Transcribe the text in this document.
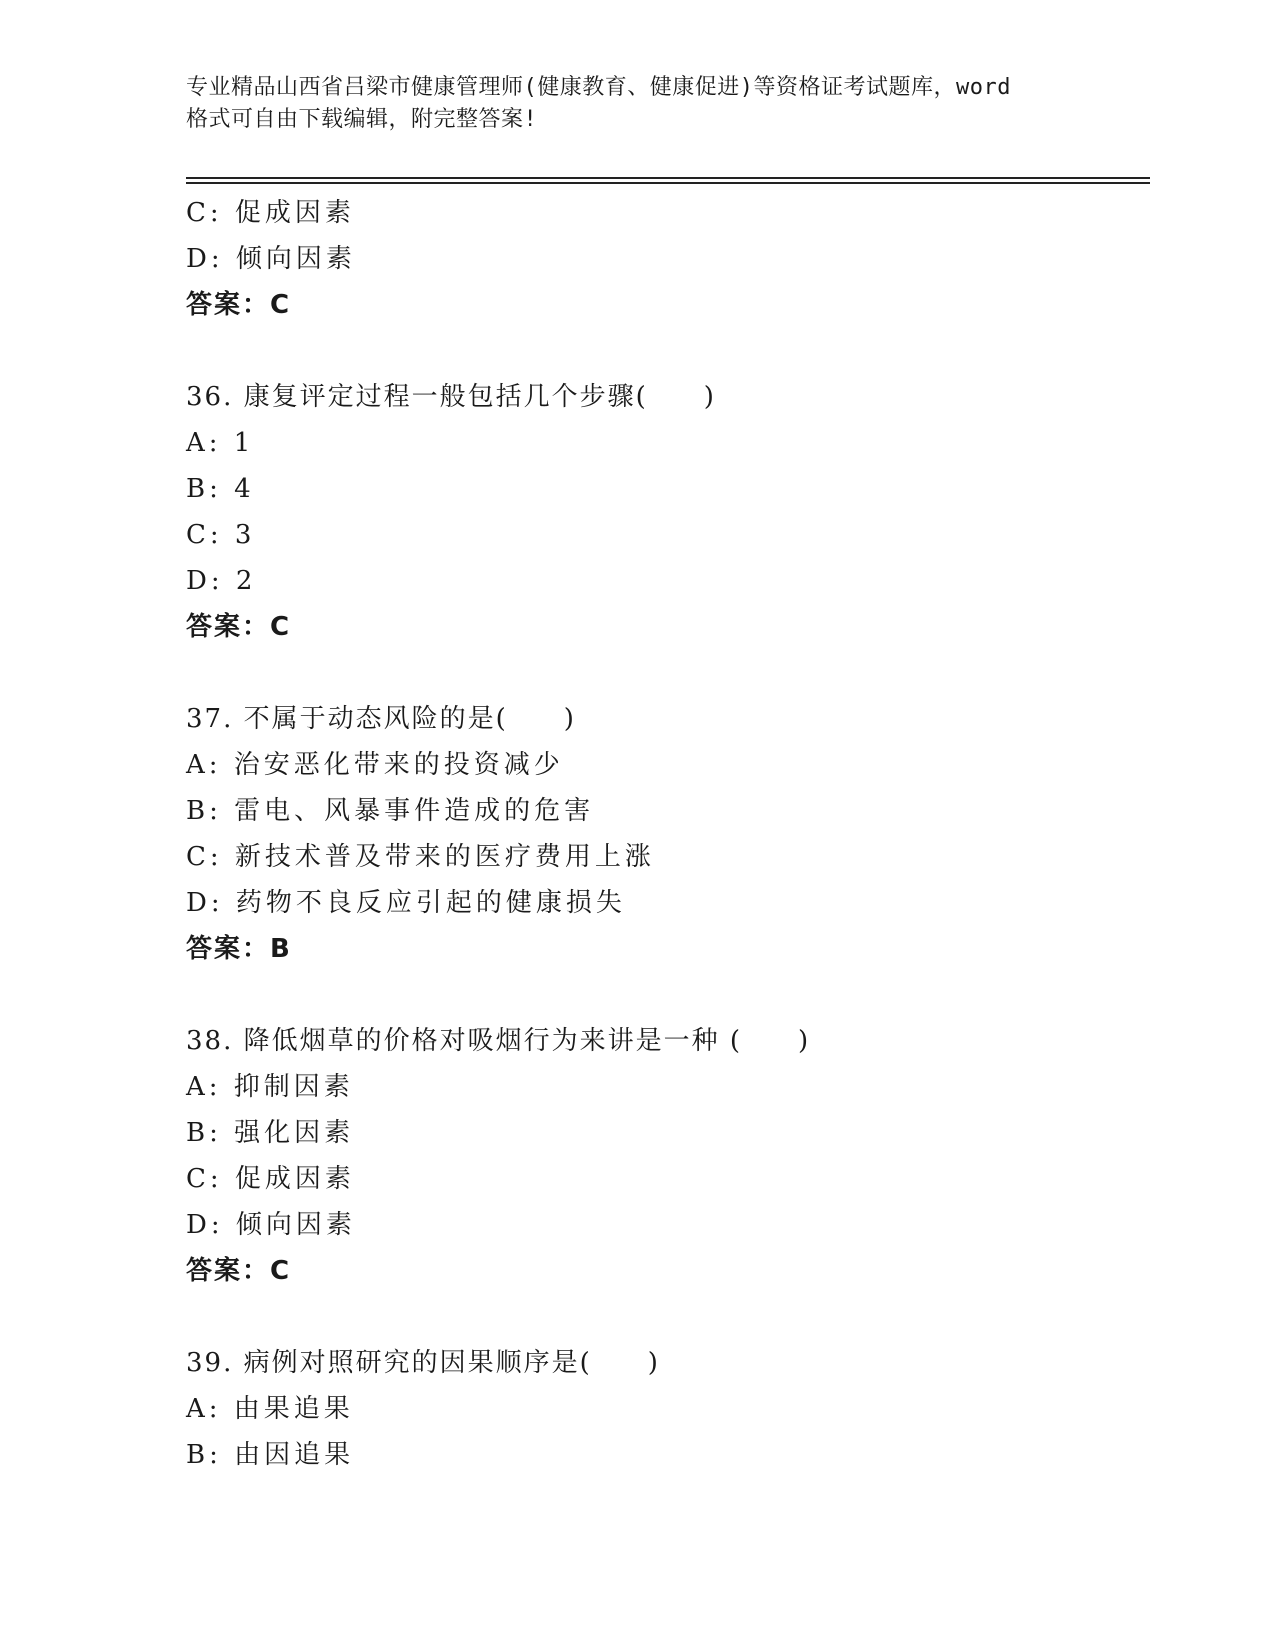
专业精品山西省吕梁市健康管理师(健康教育、健康促进)等资格证考试题库，word
格式可自由下载编辑，附完整答案!
C: 促成因素
D: 倾向因素
答案：C
36. 康复评定过程一般包括几个步骤(　　)
A: 1
B: 4
C: 3
D: 2
答案：C
37. 不属于动态风险的是(　　)
A: 治安恶化带来的投资减少
B: 雷电、风暴事件造成的危害
C: 新技术普及带来的医疗费用上涨
D: 药物不良反应引起的健康损失
答案：B
38. 降低烟草的价格对吸烟行为来讲是一种 (　　)
A: 抑制因素
B: 强化因素
C: 促成因素
D: 倾向因素
答案：C
39. 病例对照研究的因果顺序是(　　)
A: 由果追果
B: 由因追果
